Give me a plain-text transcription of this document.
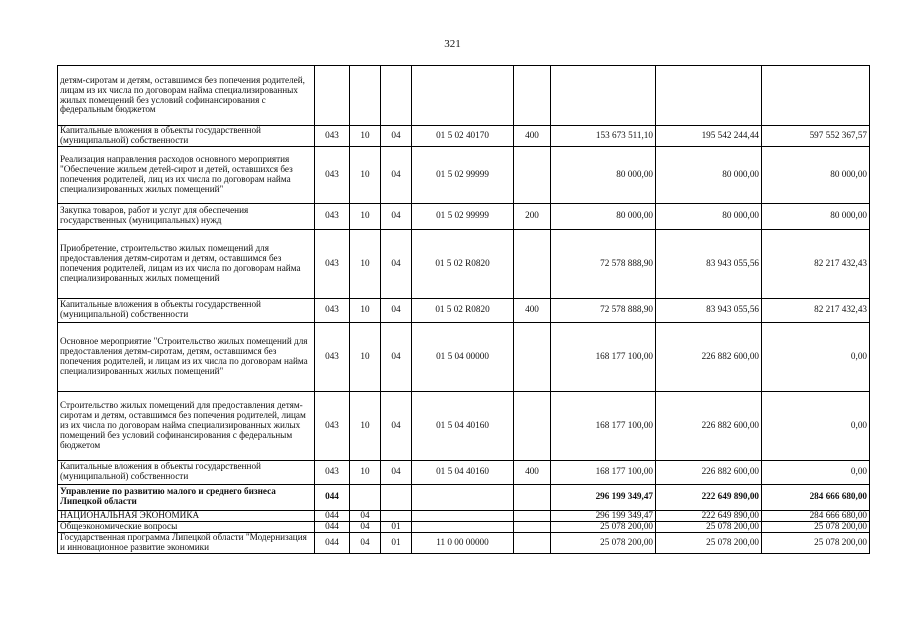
321
детям-сиротам и детям, оставшимся без попечения родителей, лицам из их числа по договорам найма специализированных жилых помещений без условий софинансирования с федеральным бюджетом								
Капитальные вложения в объекты государственной (муниципальной) собственности	043	10	04	01 5 02 40170	400	153 673 511,10	195 542 244,44	597 552 367,57
Реализация направления расходов основного мероприятия "Обеспечение жильем детей-сирот и детей, оставшихся без попечения родителей, лиц из их числа по договорам найма специализированных жилых помещений"	043	10	04	01 5 02 99999		80 000,00	80 000,00	80 000,00
Закупка товаров, работ и услуг для обеспечения государственных (муниципальных) нужд	043	10	04	01 5 02 99999	200	80 000,00	80 000,00	80 000,00
Приобретение, строительство жилых помещений для предоставления детям-сиротам и детям, оставшимся без попечения родителей, лицам из их числа по договорам найма специализированных жилых помещений	043	10	04	01 5 02 R0820		72 578 888,90	83 943 055,56	82 217 432,43
Капитальные вложения в объекты государственной (муниципальной) собственности	043	10	04	01 5 02 R0820	400	72 578 888,90	83 943 055,56	82 217 432,43
Основное мероприятие "Строительство жилых помещений для предоставления детям-сиротам, детям, оставшимся без попечения родителей, и лицам из их числа по договорам найма специализированных жилых помещений"	043	10	04	01 5 04 00000		168 177 100,00	226 882 600,00	0,00
Строительство жилых помещений для предоставления детям-сиротам и детям, оставшимся без попечения родителей, лицам из их числа по договорам найма специализированных жилых помещений без условий софинансирования с федеральным бюджетом	043	10	04	01 5 04 40160		168 177 100,00	226 882 600,00	0,00
Капитальные вложения в объекты государственной (муниципальной) собственности	043	10	04	01 5 04 40160	400	168 177 100,00	226 882 600,00	0,00
Управление по развитию малого и среднего бизнеса Липецкой области	044					296 199 349,47	222 649 890,00	284 666 680,00
НАЦИОНАЛЬНАЯ ЭКОНОМИКА	044	04				296 199 349,47	222 649 890,00	284 666 680,00
Общеэкономические вопросы	044	04	01			25 078 200,00	25 078 200,00	25 078 200,00
Государственная программа Липецкой области "Модернизация и инновационное развитие экономики	044	04	01	11 0 00 00000		25 078 200,00	25 078 200,00	25 078 200,00
